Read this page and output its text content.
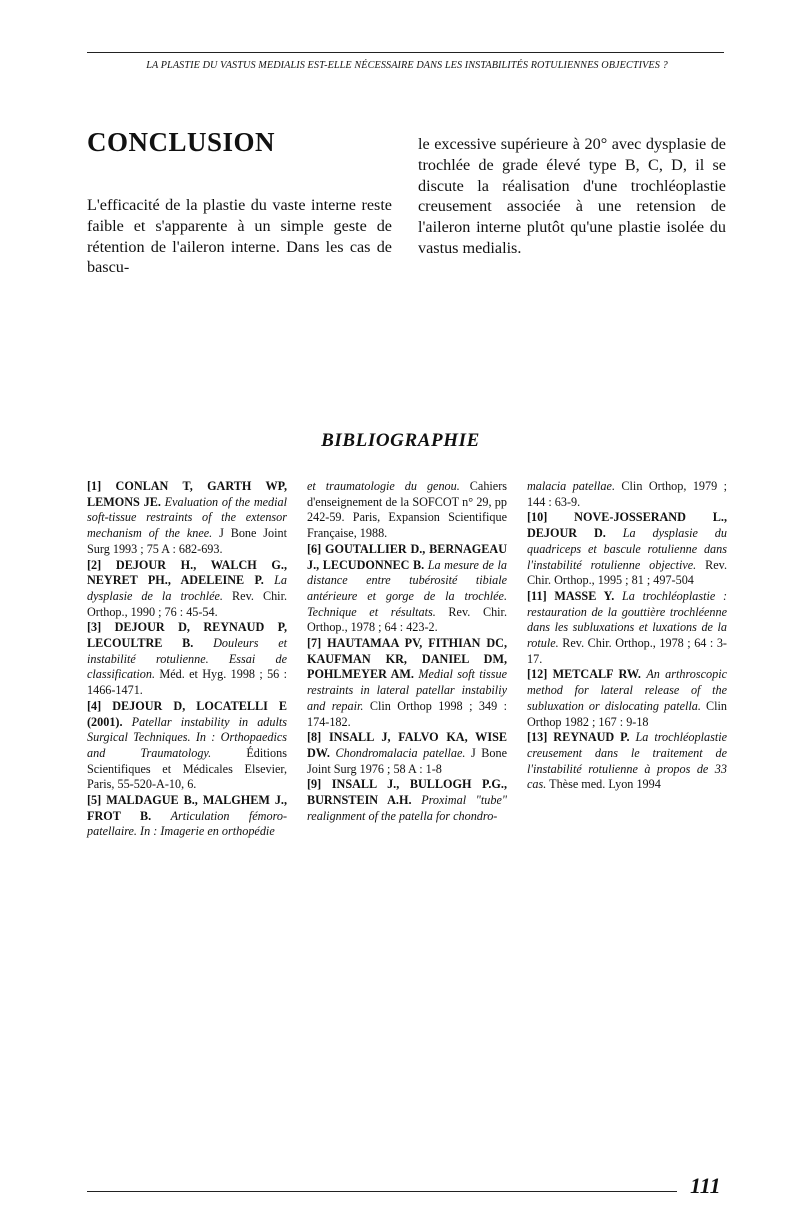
LA PLASTIE DU VASTUS MEDIALIS EST-ELLE NÉCESSAIRE DANS LES INSTABILITÉS ROTULIENNES OBJECTIVES ?
CONCLUSION

L'efficacité de la plastie du vaste interne reste faible et s'apparente à un simple geste de rétention de l'aileron interne. Dans les cas de bascu-

le excessive supérieure à 20° avec dysplasie de trochlée de grade élevé type B, C, D, il se discute la réalisation d'une trochléoplastie creusement associée à une retension de l'aileron interne plutôt qu'une plastie isolée du vastus medialis.

BIBLIOGRAPHIE

[1] CONLAN T, GARTH WP, LEMONS JE. Evaluation of the medial soft-tissue restraints of the extensor mechanism of the knee. J Bone Joint Surg 1993 ; 75 A : 682-693.

[2] DEJOUR H., WALCH G., NEYRET PH., ADELEINE P. La dysplasie de la trochlée. Rev. Chir. Orthop., 1990 ; 76 : 45-54.

[3] DEJOUR D, REYNAUD P, LECOULTRE B. Douleurs et instabilité rotulienne. Essai de classification. Méd. et Hyg. 1998 ; 56 : 1466-1471.

[4] DEJOUR D, LOCATELLI E (2001). Patellar instability in adults Surgical Techniques. In : Orthopaedics and Traumatology.	Éditions Scientifiques et Médicales Elsevier, Paris, 55-520-A-10, 6.

[5] MALDAGUE B., MALGHEM J., FROT B. Articulation fémoro-patellaire. In : Imagerie en orthopédie

et traumatologie du genou. Cahiers d'enseignement de la SOFCOT n° 29, pp 242-59. Paris, Expansion Scientifique Française, 1988.

[6] GOUTALLIER D., BERNAGEAU J., LECUDONNEC B. La mesure de la distance entre tubérosité tibiale antérieure et gorge de la trochlée. Technique et résultats. Rev. Chir. Orthop., 1978 ; 64 : 423-2.

[7] HAUTAMAA PV, FITHIAN DC, KAUFMAN KR, DANIEL DM, POHLMEYER AM. Medial soft tissue restraints in lateral patellar instabiliy and repair. Clin Orthop 1998 ; 349 : 174-182.

[8] INSALL J, FALVO KA, WISE DW. Chondromalacia patellae. J Bone Joint Surg 1976 ; 58 A : 1-8

[9] INSALL J., BULLOGH P.G., BURNSTEIN A.H. Proximal "tube" realignment of the patella for chondro-

malacia patellae. Clin Orthop, 1979 ; 144 : 63-9.

[10] NOVE-JOSSERAND L., DEJOUR D. La dysplasie du quadriceps et bascule rotulienne dans l'instabilité rotulienne objective. Rev. Chir. Orthop., 1995 ; 81 ; 497-504

[11] MASSE Y. La trochléoplastie : restauration de la gouttière trochléenne dans les subluxations et luxations de la rotule. Rev. Chir. Orthop., 1978 ; 64 : 3-17.

[12] METCALF RW. An arthroscopic method for lateral release of the subluxation or dislocating patella. Clin Orthop 1982 ; 167 : 9-18

[13] REYNAUD P. La trochléoplastie creusement dans le traitement de l'instabilité rotulienne à propos de 33 cas. Thèse med. Lyon 1994

111
